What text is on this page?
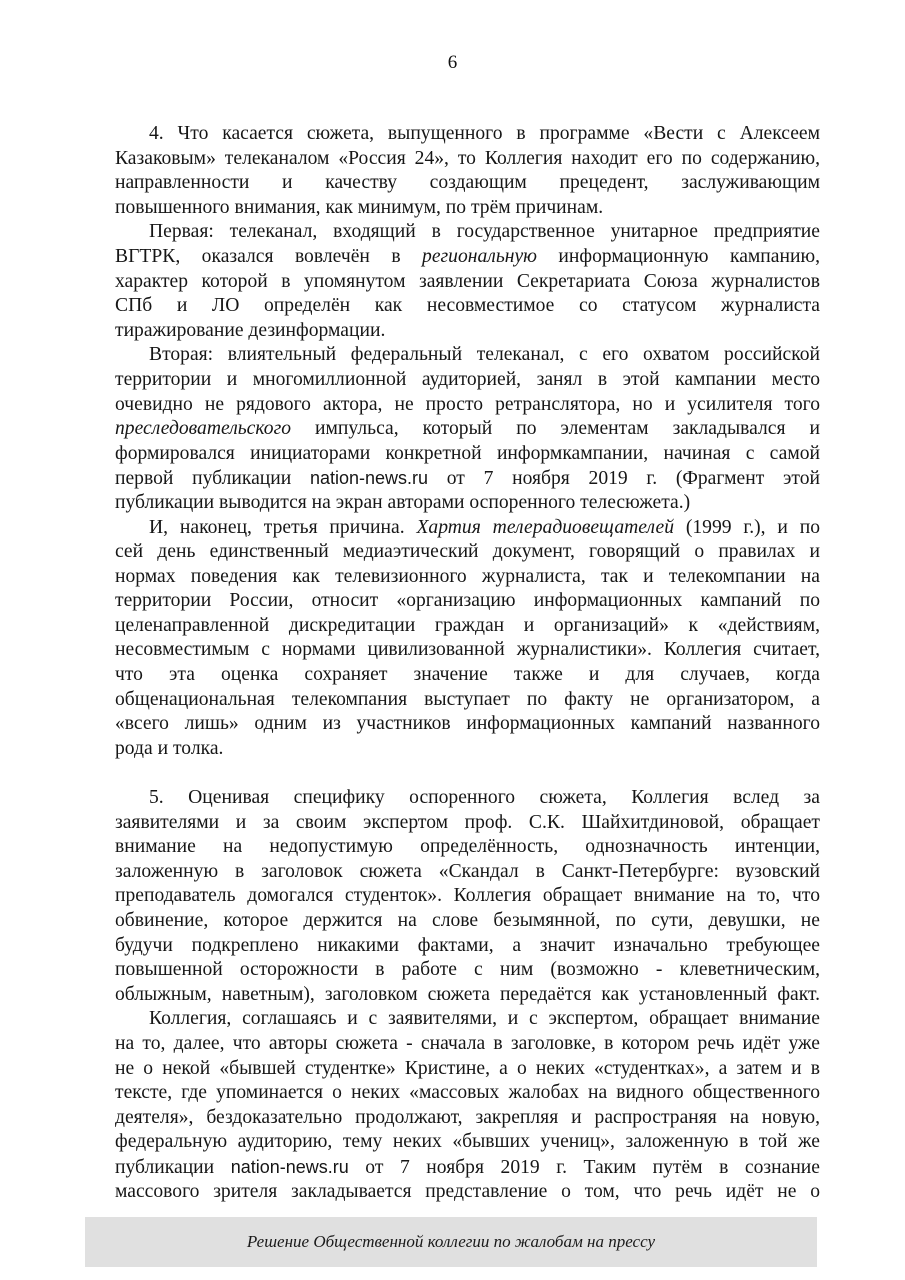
6
4. Что касается сюжета, выпущенного в программе «Вести с Алексеем
Казаковым» телеканалом «Россия 24», то Коллегия находит его по содержанию,
направленности и качеству создающим прецедент, заслуживающим
повышенного внимания, как минимум, по трём причинам.
Первая: телеканал, входящий в государственное унитарное предприятие
ВГТРК, оказался вовлечён в региональную информационную кампанию,
характер которой в упомянутом заявлении Секретариата Союза журналистов
СПб и ЛО определён как несовместимое со статусом журналиста
тиражирование дезинформации.
Вторая: влиятельный федеральный телеканал, с его охватом российской
территории и многомиллионной аудиторией, занял в этой кампании место
очевидно не рядового актора, не просто ретранслятора, но и усилителя того
преследовательского импульса, который по элементам закладывался и
формировался инициаторами конкретной информкампании, начиная с самой
первой публикации nation-news.ru от 7 ноября 2019 г. (Фрагмент этой
публикации выводится на экран авторами оспоренного телесюжета.)
И, наконец, третья причина. Хартия телерадиовещателей (1999 г.), и по
сей день единственный медиаэтический документ, говорящий о правилах и
нормах поведения как телевизионного журналиста, так и телекомпании на
территории России, относит «организацию информационных кампаний по
целенаправленной дискредитации граждан и организаций» к «действиям,
несовместимым с нормами цивилизованной журналистики». Коллегия считает,
что эта оценка сохраняет значение также и для случаев, когда
общенациональная телекомпания выступает по факту не организатором, а
«всего лишь» одним из участников информационных кампаний названного
рода и толка.
5. Оценивая специфику оспоренного сюжета, Коллегия вслед за
заявителями и за своим экспертом проф. С.К. Шайхитдиновой, обращает
внимание на недопустимую определённость, однозначность интенции,
заложенную в заголовок сюжета «Скандал в Санкт-Петербурге: вузовский
преподаватель домогался студенток». Коллегия обращает внимание на то, что
обвинение, которое держится на слове безымянной, по сути, девушки, не
будучи подкреплено никакими фактами, а значит изначально требующее
повышенной осторожности в работе с ним (возможно - клеветническим,
облыжным, наветным), заголовком сюжета передаётся как установленный факт.
Коллегия, соглашаясь и с заявителями, и с экспертом, обращает внимание
на то, далее, что авторы сюжета - сначала в заголовке, в котором речь идёт уже
не о некой «бывшей студентке» Кристине, а о неких «студентках», а затем и в
тексте, где упоминается о неких «массовых жалобах на видного общественного
деятеля», бездоказательно продолжают, закрепляя и распространяя на новую,
федеральную аудиторию, тему неких «бывших учениц», заложенную в той же
публикации nation-news.ru от 7 ноября 2019 г. Таким путём в сознание
массового зрителя закладывается представление о том, что речь идёт не о
Решение Общественной коллегии по жалобам на прессу
